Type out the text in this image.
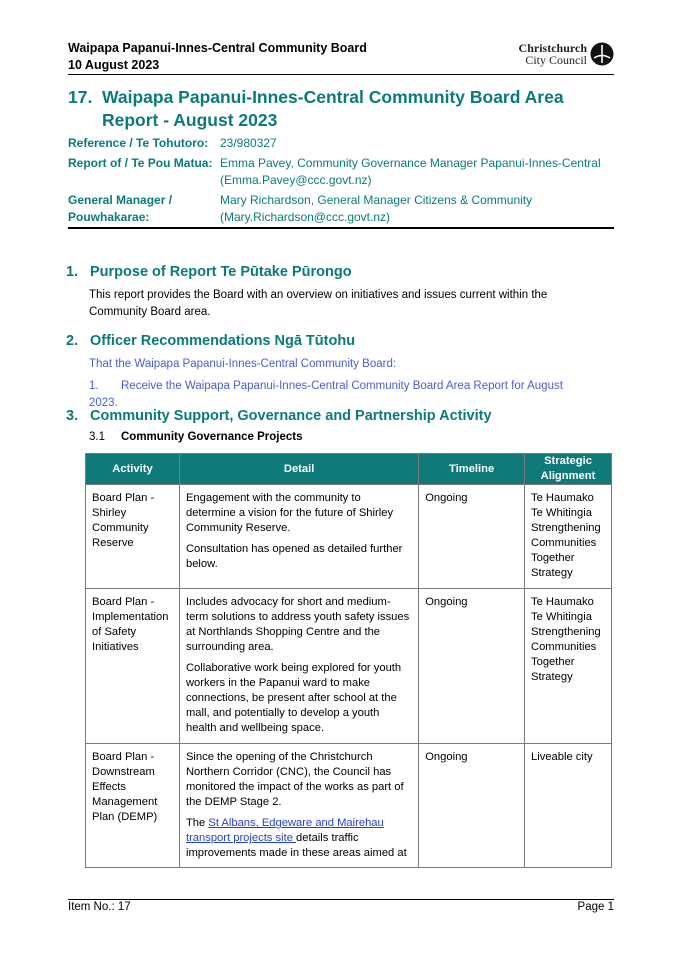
Waipapa Papanui-Innes-Central Community Board
10 August 2023
Christchurch
City Council
17. Waipapa Papanui-Innes-Central Community Board Area Report - August 2023
Reference / Te Tohutoro: 23/980327
Report of / Te Pou Matua: Emma Pavey, Community Governance Manager Papanui-Innes-Central (Emma.Pavey@ccc.govt.nz)
General Manager / Pouwhakarae:
Mary Richardson, General Manager Citizens & Community (Mary.Richardson@ccc.govt.nz)
1. Purpose of Report Te Pūtake Pūrongo
This report provides the Board with an overview on initiatives and issues current within the Community Board area.
2. Officer Recommendations Ngā Tūtohu
That the Waipapa Papanui-Innes-Central Community Board:
1. Receive the Waipapa Papanui-Innes-Central Community Board Area Report for August 2023.
3. Community Support, Governance and Partnership Activity
3.1 Community Governance Projects
Activity	Detail	Timeline	Strategic Alignment
Board Plan - Shirley Community Reserve	Engagement with the community to determine a vision for the future of Shirley Community Reserve.

Consultation has opened as detailed further below.	Ongoing	Te Haumako Te Whitingia Strengthening Communities Together Strategy
Board Plan - Implementation of Safety Initiatives	Includes advocacy for short and medium-term solutions to address youth safety issues at Northlands Shopping Centre and the surrounding area.

Collaborative work being explored for youth workers in the Papanui ward to make connections, be present after school at the mall, and potentially to develop a youth health and wellbeing space.	Ongoing	Te Haumako Te Whitingia Strengthening Communities Together Strategy
Board Plan - Downstream Effects Management Plan (DEMP)	Since the opening of the Christchurch Northern Corridor (CNC), the Council has monitored the impact of the works as part of the DEMP Stage 2.

The St Albans, Edgeware and Mairehau transport projects site details traffic improvements made in these areas aimed at	Ongoing	Liveable city
Item No.: 17	Page 1
